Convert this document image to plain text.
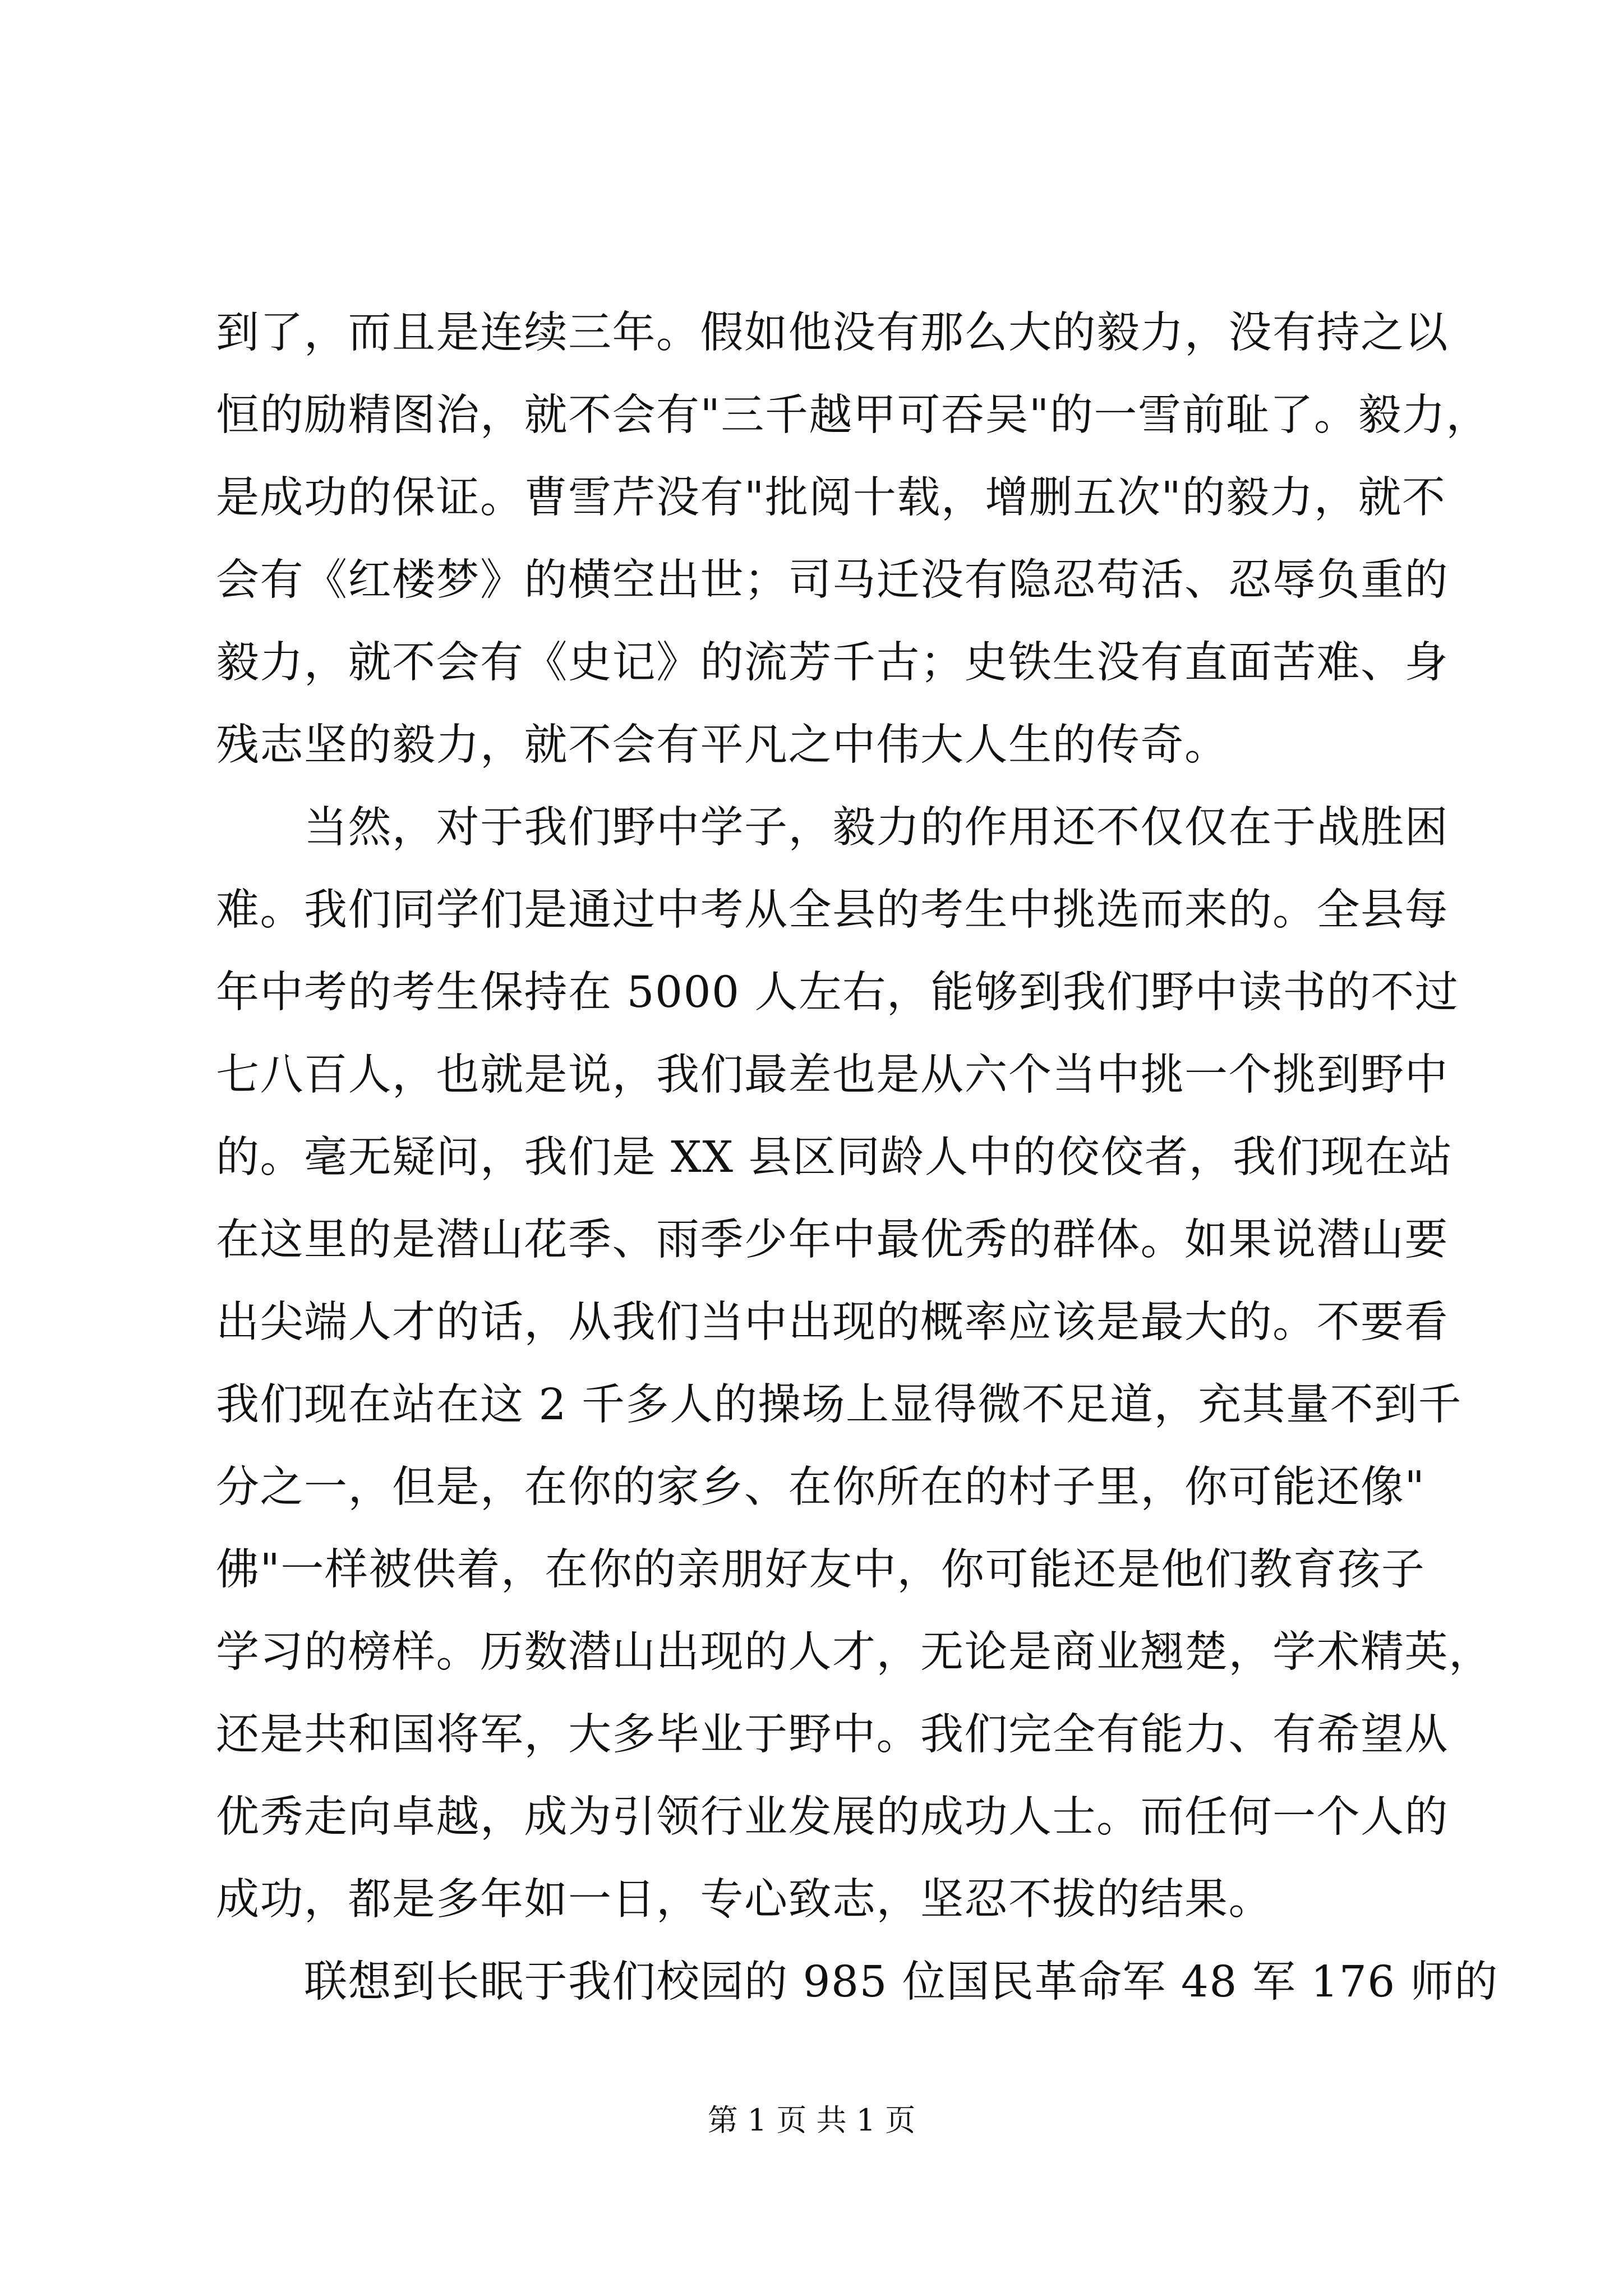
到了，而且是连续三年。假如他没有那么大的毅力，没有持之以
恒的励精图治，就不会有"三千越甲可吞吴"的一雪前耻了。毅力，
是成功的保证。曹雪芹没有"批阅十载，增删五次"的毅力，就不
会有《红楼梦》的横空出世；司马迁没有隐忍苟活、忍辱负重的
毅力，就不会有《史记》的流芳千古；史铁生没有直面苦难、身
残志坚的毅力，就不会有平凡之中伟大人生的传奇。
　　当然，对于我们野中学子，毅力的作用还不仅仅在于战胜困
难。我们同学们是通过中考从全县的考生中挑选而来的。全县每
年中考的考生保持在 5000 人左右，能够到我们野中读书的不过
七八百人，也就是说，我们最差也是从六个当中挑一个挑到野中
的。毫无疑问，我们是 XX 县区同龄人中的佼佼者，我们现在站
在这里的是潜山花季、雨季少年中最优秀的群体。如果说潜山要
出尖端人才的话，从我们当中出现的概率应该是最大的。不要看
我们现在站在这 2 千多人的操场上显得微不足道，充其量不到千
分之一，但是，在你的家乡、在你所在的村子里，你可能还像"
佛"一样被供着，在你的亲朋好友中，你可能还是他们教育孩子
学习的榜样。历数潜山出现的人才，无论是商业翘楚，学术精英，
还是共和国将军，大多毕业于野中。我们完全有能力、有希望从
优秀走向卓越，成为引领行业发展的成功人士。而任何一个人的
成功，都是多年如一日，专心致志，坚忍不拔的结果。
　　联想到长眠于我们校园的 985 位国民革命军 48 军 176 师的
第 1 页 共 1 页
